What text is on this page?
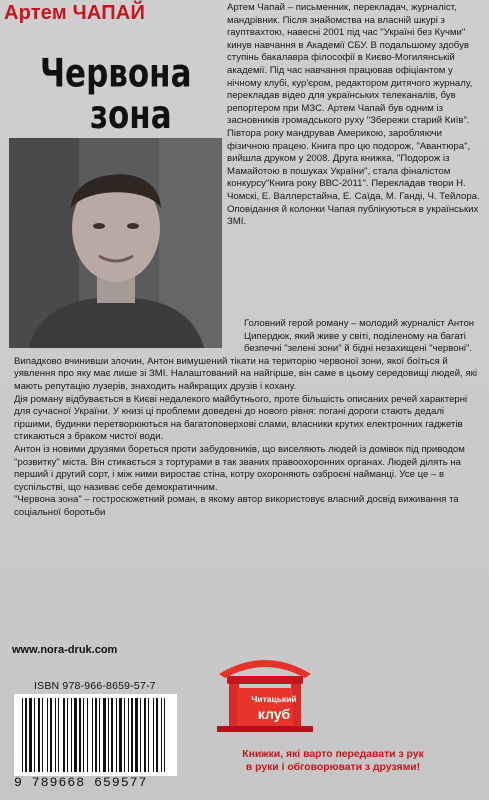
Артем ЧАПАЙ
Червона
зона

Артем Чапай – письменник, перекладач, журналіст, мандрівник. Після знайомства на власній шкурі з гауптвахтою, навесні 2001 під час "Україні без Кучми" кинув навчання в Академії СБУ. В подальшому здобув ступінь бакалавра філософії в Києво-Могилянській академії. Під час навчання працював офіціантом у нічному клубі, кур'єром, редактором дитячого журналу, перекладав відео для українських телеканалів, був репортером при МЗС. Артем Чапай був одним із засновників громадського руху "Збережи старий Київ".

Півтора року мандрував Америкою, заробляючи фізичною працею. Книга про цю подорож, "Авантюра", вийшла друком у 2008. Друга книжка, "Подорож із Мамайотою в пошуках України", стала фіналістом конкурсу"Книга року ВВС-2011". Перекладав твори Н. Чомскі, Е. Валлерстайна, Е. Саїда, М. Ганді, Ч. Тейлора. Оповідання й колонки Чапая публікуються в українських ЗМІ.

Головний герой роману – молодий журналіст Антон Ципердюк, який живе у світі, поділеному на багаті безпечні "зелені зони" й бідні незахищені "червоні".

Випадково вчинивши злочин, Антон вимушений тікати на територію червоної зони, якої боїться й уявлення про яку має лише зі ЗМІ. Налаштований на найгірше, він саме в цьому середовищі людей, які мають репутацію лузерів, знаходить найкращих друзів і кохану.

Дія роману відбувається в Києві недалекого майбутнього, проте більшість описаних речей характерні для сучасної України. У книзі ці проблеми доведені до нового рівня: погані дороги стають дедалі гіршими, будинки перетворюються на багатоповерхові слами, власники крутих електронних гаджетів стикаються з браком чистої води.

Антон із новими друзями бореться проти забудовників, що виселяють людей із домівок під приводом "розвитку" міста. Він стикається з тортурами в так званих правоохоронних органах. Людей ділять на перший і другий сорт, і між ними виростає стіна, котру охороняють озброєні найманці. Усе це – в суспільстві, що називає себе демократичним.

"Червона зона" – гостросюжетний роман, в якому автор використовує власний досвід виживання та соціальної боротьби

www.nora-druk.com
ISBN 978-966-8659-57-7
9 789668 659577
Читацький
клуб
Книжки, які варто передавати з рук
в руки і обговорювати з друзями!
